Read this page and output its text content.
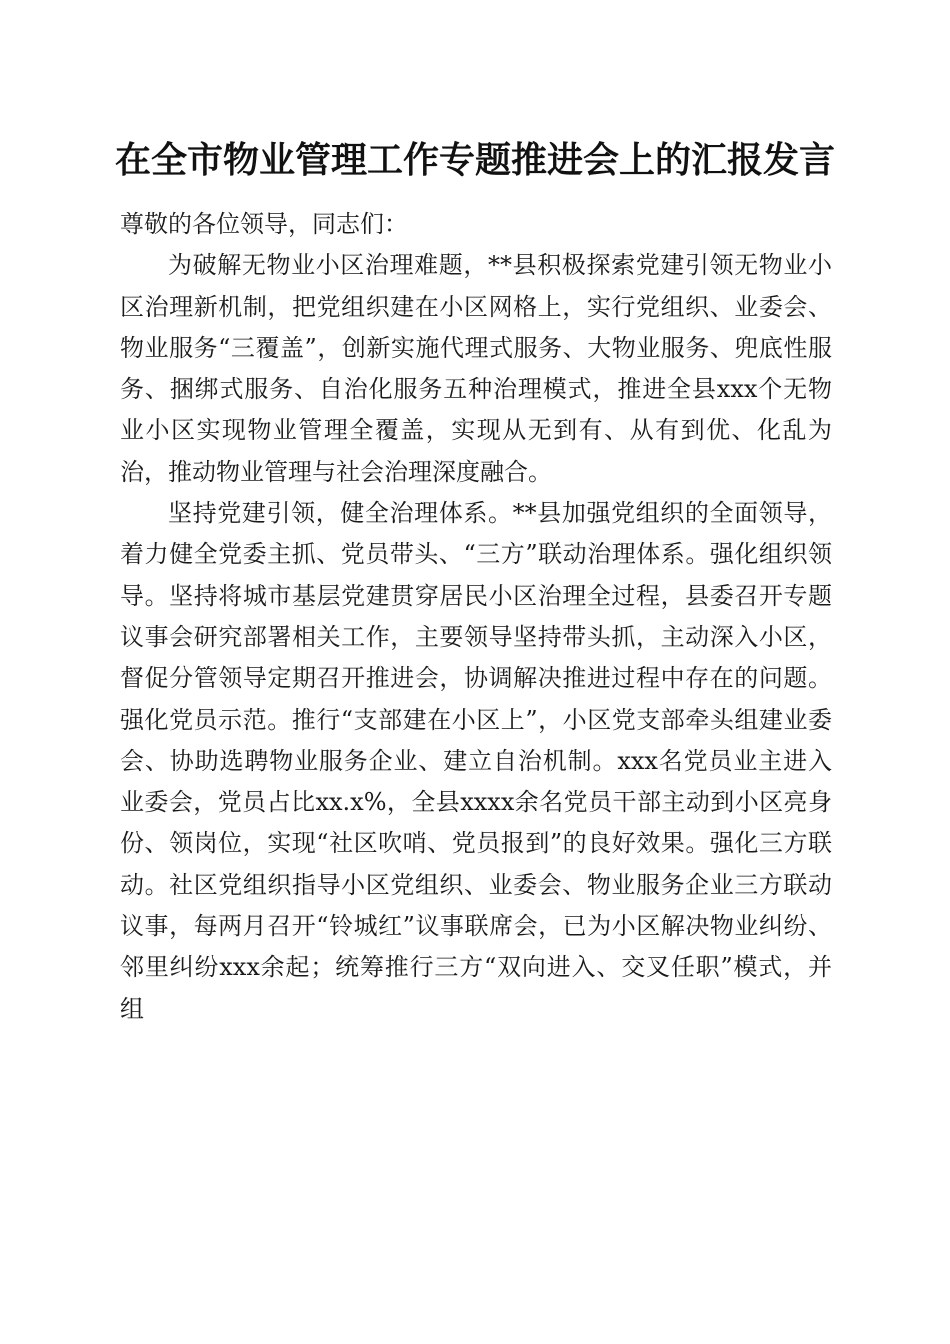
在全市物业管理工作专题推进会上的汇报发言

尊敬的各位领导，同志们：

为破解无物业小区治理难题，**县积极探索党建引领无物业小区治理新机制，把党组织建在小区网格上，实行党组织、业委会、物业服务“三覆盖”，创新实施代理式服务、大物业服务、兜底性服务、捆绑式服务、自治化服务五种治理模式，推进全县xxx个无物业小区实现物业管理全覆盖，实现从无到有、从有到优、化乱为治，推动物业管理与社会治理深度融合。

坚持党建引领，健全治理体系。**县加强党组织的全面领导，着力健全党委主抓、党员带头、“三方”联动治理体系。强化组织领导。坚持将城市基层党建贯穿居民小区治理全过程，县委召开专题议事会研究部署相关工作，主要领导坚持带头抓，主动深入小区，督促分管领导定期召开推进会，协调解决推进过程中存在的问题。强化党员示范。推行“支部建在小区上”，小区党支部牵头组建业委会、协助选聘物业服务企业、建立自治机制。xxx名党员业主进入业委会，党员占比xx.x%，全县xxxx余名党员干部主动到小区亮身份、领岗位，实现“社区吹哨、党员报到”的良好效果。强化三方联动。社区党组织指导小区党组织、业委会、物业服务企业三方联动议事，每两月召开“铃城红”议事联席会，已为小区解决物业纠纷、邻里纠纷xxx余起；统筹推行三方“双向进入、交叉任职”模式，并组
